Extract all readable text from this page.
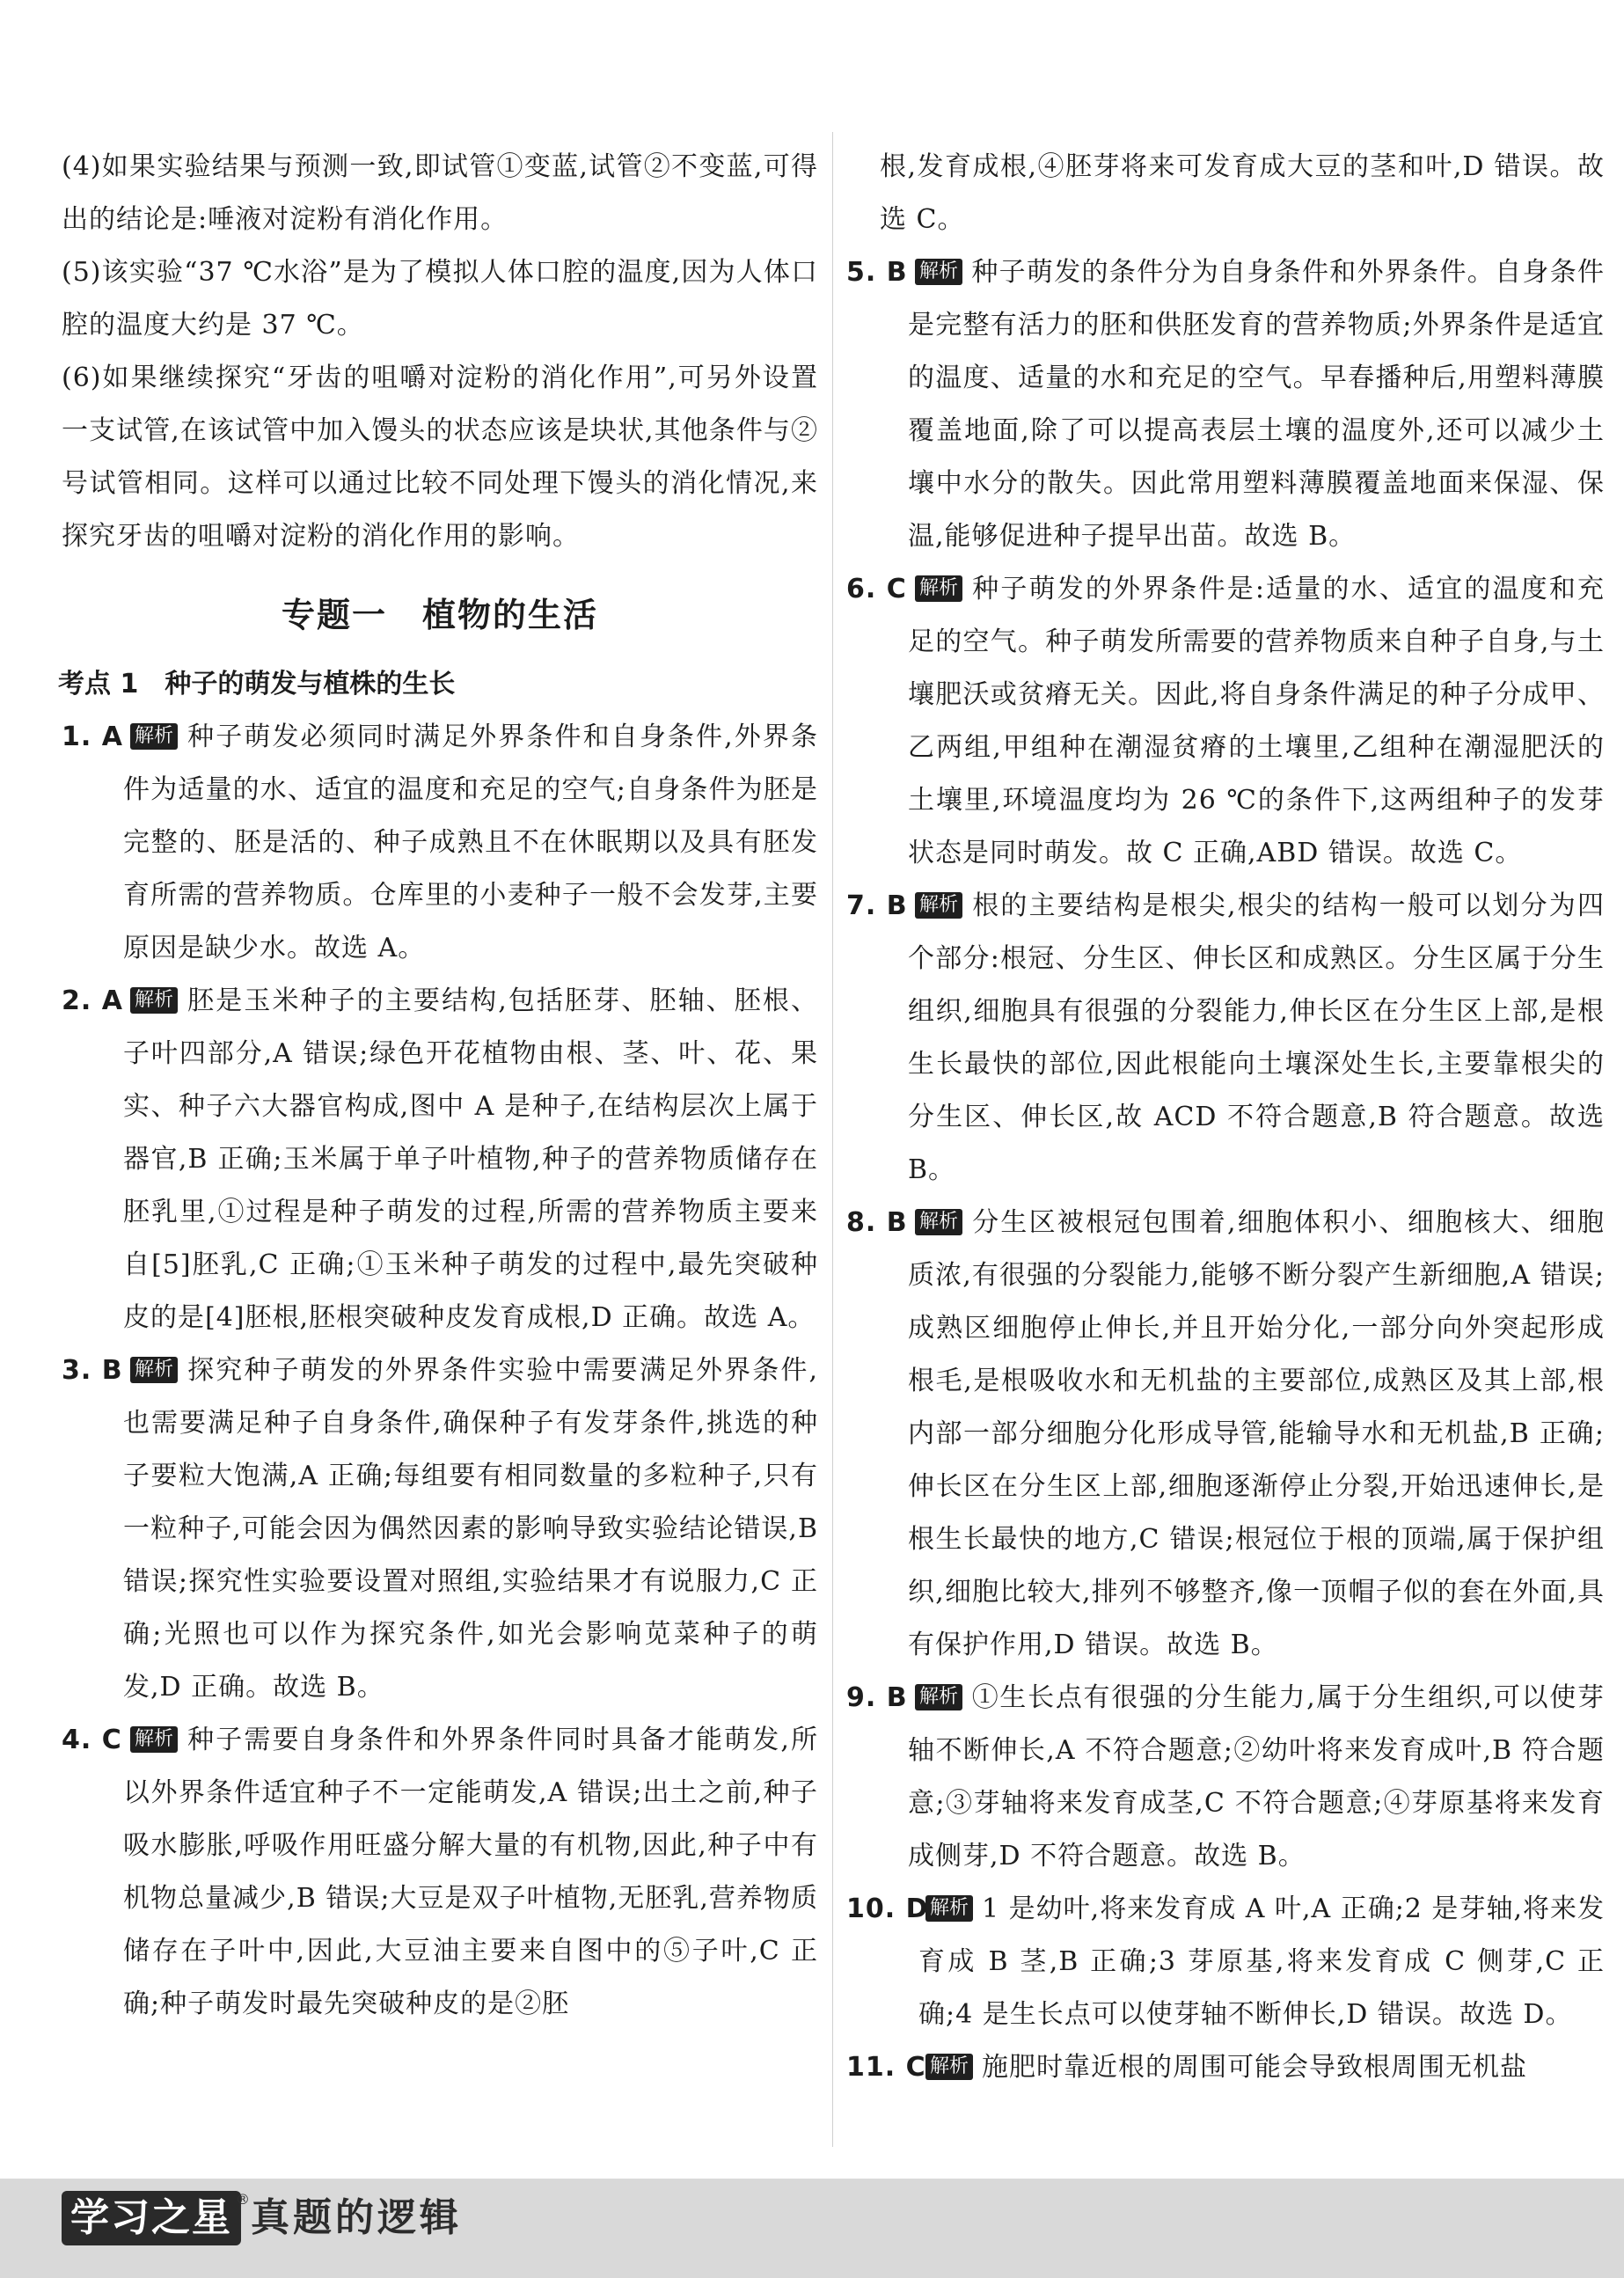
(4)如果实验结果与预测一致,即试管①变蓝,试管②不变蓝,可得出的结论是:唾液对淀粉有消化作用。

(5)该实验“37 ℃水浴”是为了模拟人体口腔的温度,因为人体口腔的温度大约是 37 ℃。

(6)如果继续探究“牙齿的咀嚼对淀粉的消化作用”,可另外设置一支试管,在该试管中加入馒头的状态应该是块状,其他条件与②号试管相同。这样可以通过比较不同处理下馒头的消化情况,来探究牙齿的咀嚼对淀粉的消化作用的影响。

专题一　植物的生活
考点 1　种子的萌发与植株的生长
1. A 解析 种子萌发必须同时满足外界条件和自身条件,外界条件为适量的水、适宜的温度和充足的空气;自身条件为胚是完整的、胚是活的、种子成熟且不在休眠期以及具有胚发育所需的营养物质。仓库里的小麦种子一般不会发芽,主要原因是缺少水。故选 A。
2. A 解析 胚是玉米种子的主要结构,包括胚芽、胚轴、胚根、子叶四部分,A 错误;绿色开花植物由根、茎、叶、花、果实、种子六大器官构成,图中 A 是种子,在结构层次上属于器官,B 正确;玉米属于单子叶植物,种子的营养物质储存在胚乳里,①过程是种子萌发的过程,所需的营养物质主要来自[5]胚乳,C 正确;①玉米种子萌发的过程中,最先突破种皮的是[4]胚根,胚根突破种皮发育成根,D 正确。故选 A。
3. B 解析 探究种子萌发的外界条件实验中需要满足外界条件,也需要满足种子自身条件,确保种子有发芽条件,挑选的种子要粒大饱满,A 正确;每组要有相同数量的多粒种子,只有一粒种子,可能会因为偶然因素的影响导致实验结论错误,B 错误;探究性实验要设置对照组,实验结果才有说服力,C 正确;光照也可以作为探究条件,如光会影响苋菜种子的萌发,D 正确。故选 B。
4. C 解析 种子需要自身条件和外界条件同时具备才能萌发,所以外界条件适宜种子不一定能萌发,A 错误;出土之前,种子吸水膨胀,呼吸作用旺盛分解大量的有机物,因此,种子中有机物总量减少,B 错误;大豆是双子叶植物,无胚乳,营养物质储存在子叶中,因此,大豆油主要来自图中的⑤子叶,C 正确;种子萌发时最先突破种皮的是②胚

根,发育成根,④胚芽将来可发育成大豆的茎和叶,D 错误。故选 C。

5. B 解析 种子萌发的条件分为自身条件和外界条件。自身条件是完整有活力的胚和供胚发育的营养物质;外界条件是适宜的温度、适量的水和充足的空气。早春播种后,用塑料薄膜覆盖地面,除了可以提高表层土壤的温度外,还可以减少土壤中水分的散失。因此常用塑料薄膜覆盖地面来保湿、保温,能够促进种子提早出苗。故选 B。
6. C 解析 种子萌发的外界条件是:适量的水、适宜的温度和充足的空气。种子萌发所需要的营养物质来自种子自身,与土壤肥沃或贫瘠无关。因此,将自身条件满足的种子分成甲、乙两组,甲组种在潮湿贫瘠的土壤里,乙组种在潮湿肥沃的土壤里,环境温度均为 26 ℃的条件下,这两组种子的发芽状态是同时萌发。故 C 正确,ABD 错误。故选 C。
7. B 解析 根的主要结构是根尖,根尖的结构一般可以划分为四个部分:根冠、分生区、伸长区和成熟区。分生区属于分生组织,细胞具有很强的分裂能力,伸长区在分生区上部,是根生长最快的部位,因此根能向土壤深处生长,主要靠根尖的分生区、伸长区,故 ACD 不符合题意,B 符合题意。故选 B。
8. B 解析 分生区被根冠包围着,细胞体积小、细胞核大、细胞质浓,有很强的分裂能力,能够不断分裂产生新细胞,A 错误;成熟区细胞停止伸长,并且开始分化,一部分向外突起形成根毛,是根吸收水和无机盐的主要部位,成熟区及其上部,根内部一部分细胞分化形成导管,能输导水和无机盐,B 正确;伸长区在分生区上部,细胞逐渐停止分裂,开始迅速伸长,是根生长最快的地方,C 错误;根冠位于根的顶端,属于保护组织,细胞比较大,排列不够整齐,像一顶帽子似的套在外面,具有保护作用,D 错误。故选 B。
9. B 解析 ①生长点有很强的分生能力,属于分生组织,可以使芽轴不断伸长,A 不符合题意;②幼叶将来发育成叶,B 符合题意;③芽轴将来发育成茎,C 不符合题意;④芽原基将来发育成侧芽,D 不符合题意。故选 B。
10. D 解析 1 是幼叶,将来发育成 A 叶,A 正确;2 是芽轴,将来发育成 B 茎,B 正确;3 芽原基,将来发育成 C 侧芽,C 正确;4 是生长点可以使芽轴不断伸长,D 错误。故选 D。
11. C 解析 施肥时靠近根的周围可能会导致根周围无机盐
学习之星 ® 真题的逻辑
